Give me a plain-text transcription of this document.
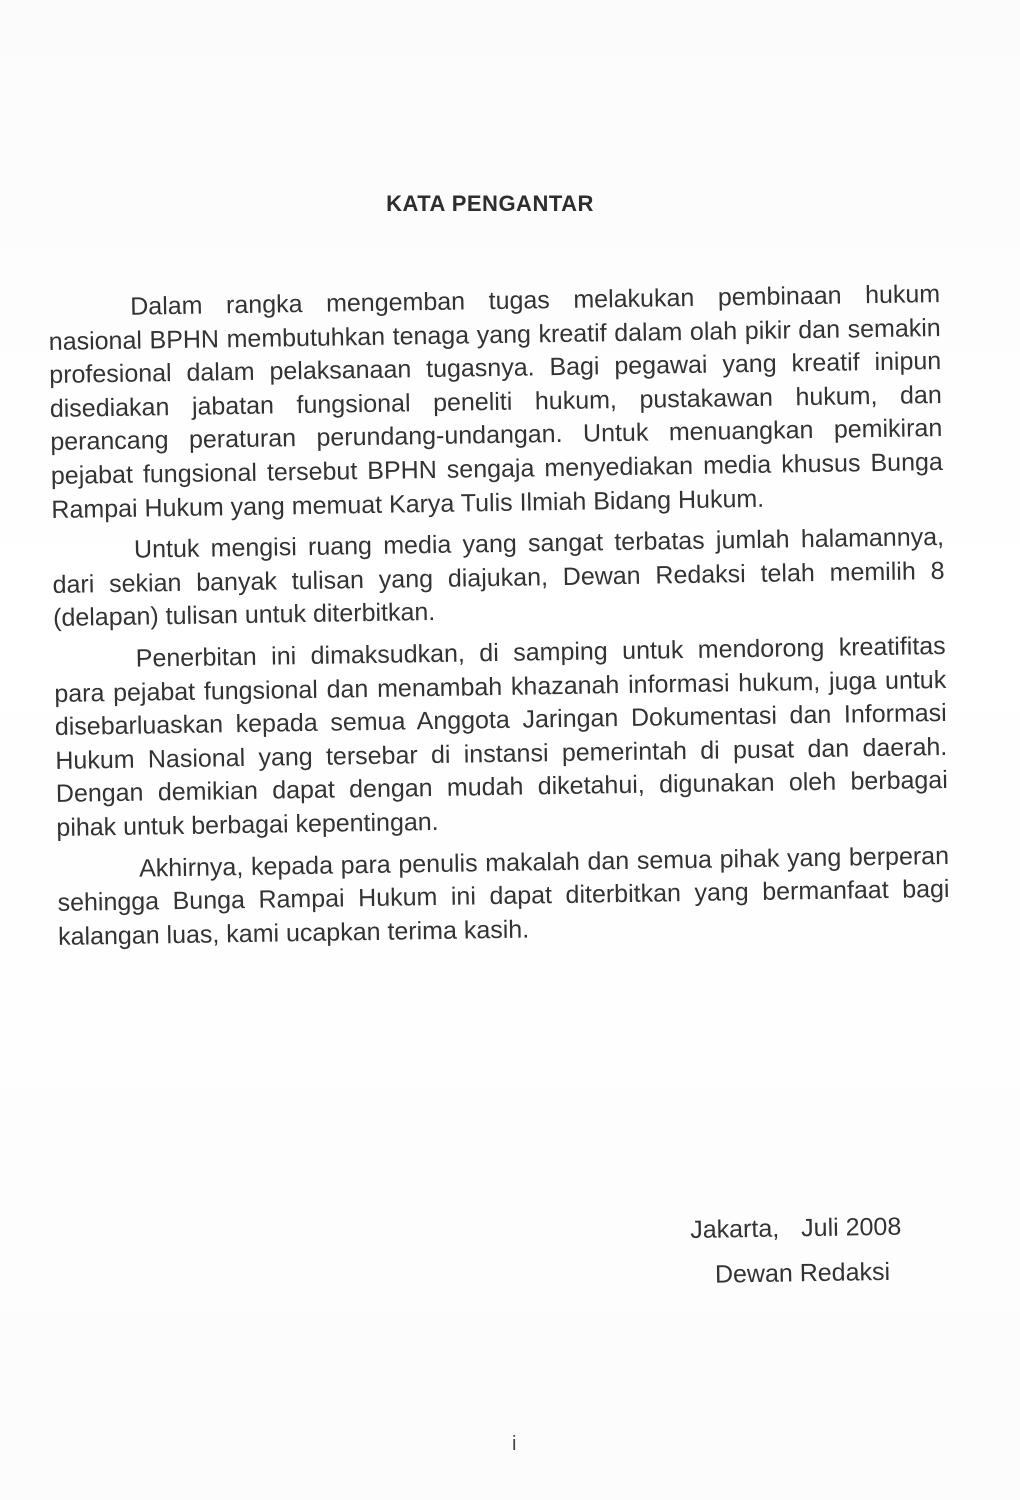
KATA PENGANTAR

Dalam rangka mengemban tugas melakukan pembinaan hukum nasional BPHN membutuhkan tenaga yang kreatif dalam olah pikir dan semakin profesional dalam pelaksanaan tugasnya. Bagi pegawai yang kreatif inipun disediakan jabatan fungsional peneliti hukum, pustakawan hukum, dan perancang peraturan perundang-undangan. Untuk menuangkan pemikiran pejabat fungsional tersebut BPHN sengaja menyediakan media khusus Bunga Rampai Hukum yang memuat Karya Tulis Ilmiah Bidang Hukum.

Untuk mengisi ruang media yang sangat terbatas jumlah halamannya, dari sekian banyak tulisan yang diajukan, Dewan Redaksi telah memilih 8 (delapan) tulisan untuk diterbitkan.

Penerbitan ini dimaksudkan, di samping untuk mendorong kreatifitas para pejabat fungsional dan menambah khazanah informasi hukum, juga untuk disebarluaskan kepada semua Anggota Jaringan Dokumentasi dan Informasi Hukum Nasional yang tersebar di instansi pemerintah di pusat dan daerah. Dengan demikian dapat dengan mudah diketahui, digunakan oleh berbagai pihak untuk berbagai kepentingan.

Akhirnya, kepada para penulis makalah dan semua pihak yang berperan sehingga Bunga Rampai Hukum ini dapat diterbitkan yang bermanfaat bagi kalangan luas, kami ucapkan terima kasih.

Jakarta, Juli 2008
Dewan Redaksi
i
